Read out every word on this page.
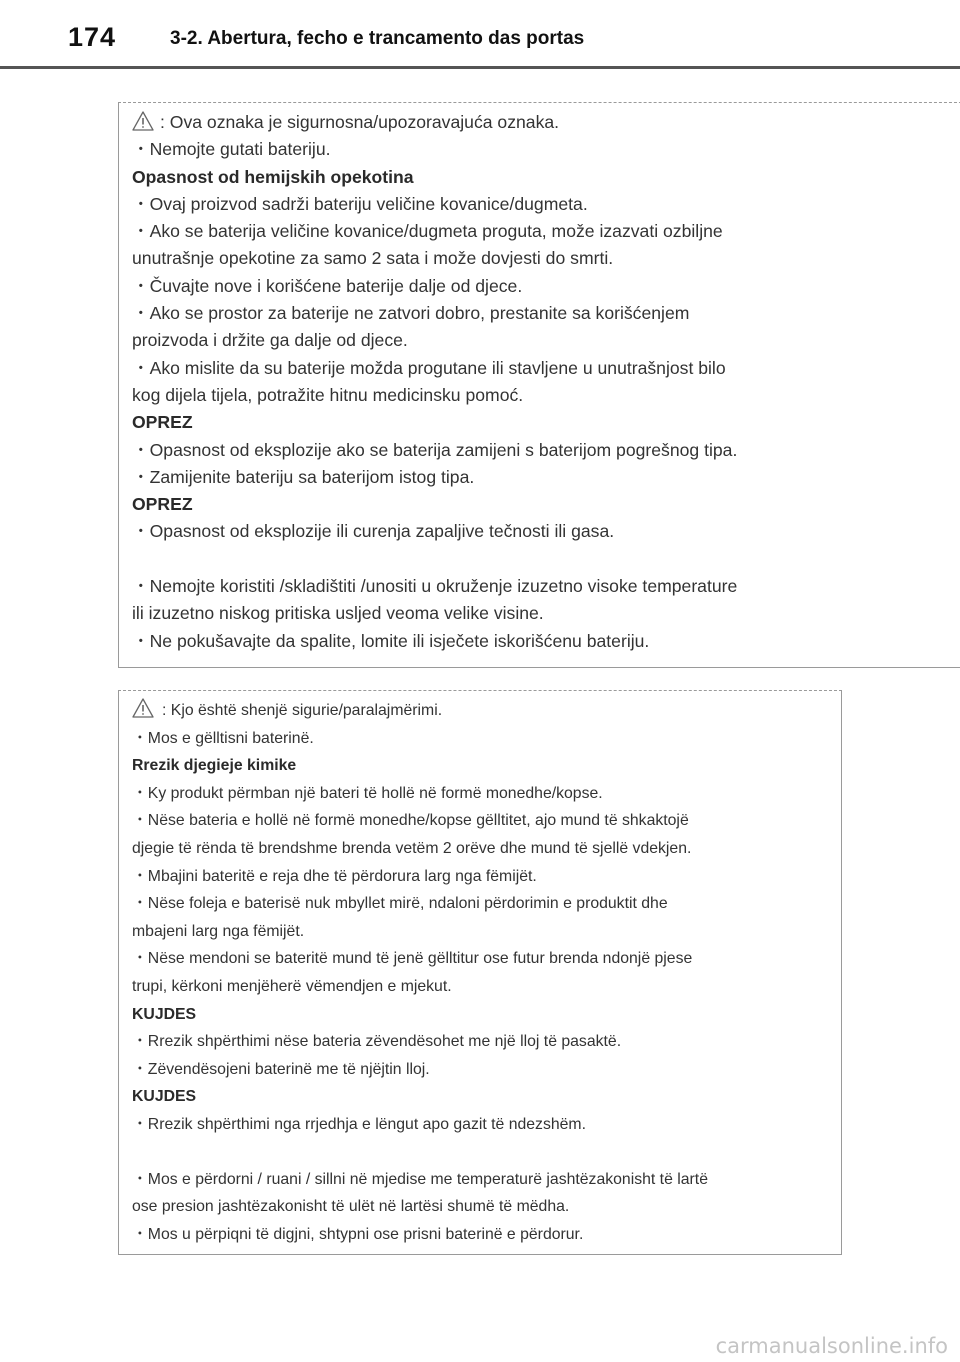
174	3-2. Abertura, fecho e trancamento das portas
: Ova oznaka je sigurnosna/upozoravajuća oznaka.
・Nemojte gutati bateriju.
Opasnost od hemijskih opekotina
・Ovaj proizvod sadrži bateriju veličine kovanice/dugmeta.
・Ako se baterija veličine kovanice/dugmeta proguta, može izazvati ozbiljne
unutrašnje opekotine za samo 2 sata i može dovjesti do smrti.
・Čuvajte nove i korišćene baterije dalje od djece.
・Ako se prostor za baterije ne zatvori dobro, prestanite sa korišćenjem
proizvoda i držite ga dalje od djece.
・Ako mislite da su baterije možda progutane ili stavljene u unutrašnjost bilo
kog dijela tijela, potražite hitnu medicinsku pomoć.
OPREZ
・Opasnost od eksplozije ako se baterija zamijeni s baterijom pogrešnog tipa.
・Zamijenite bateriju sa baterijom istog tipa.
OPREZ
・Opasnost od eksplozije ili curenja zapaljive tečnosti ili gasa.
・Nemojte koristiti /skladištiti /unositi u okruženje izuzetno visoke temperature
ili izuzetno niskog pritiska usljed veoma velike visine.
・Ne pokušavajte da spalite, lomite ili isječete iskorišćenu bateriju.
: Kjo është shenjë sigurie/paralajmërimi.
・Mos e gëlltisni baterinë.
Rrezik djegieje kimike
・Ky produkt përmban një bateri të hollë në formë monedhe/kopse.
・Nëse bateria e hollë në formë monedhe/kopse gëlltitet, ajo mund të shkaktojë
djegie të rënda të brendshme brenda vetëm 2 orëve dhe mund të sjellë vdekjen.
・Mbajini bateritë e reja dhe të përdorura larg nga fëmijët.
・Nëse foleja e baterisë nuk mbyllet mirë, ndaloni përdorimin e produktit dhe
mbajeni larg nga fëmijët.
・Nëse mendoni se bateritë mund të jenë gëlltitur ose futur brenda ndonjë pjese
trupi, kërkoni menjëherë vëmendjen e mjekut.
KUJDES
・Rrezik shpërthimi nëse bateria zëvendësohet me një lloj të pasaktë.
・Zëvendësojeni baterinë me të njëjtin lloj.
KUJDES
・Rrezik shpërthimi nga rrjedhja e lëngut apo gazit të ndezshëm.
・Mos e përdorni / ruani / sillni në mjedise me temperaturë jashtëzakonisht të lartë
ose presion jashtëzakonisht të ulët në lartësi shumë të mëdha.
・Mos u përpiqni të digjni, shtypni ose prisni baterinë e përdorur.
carmanualsonline.info
